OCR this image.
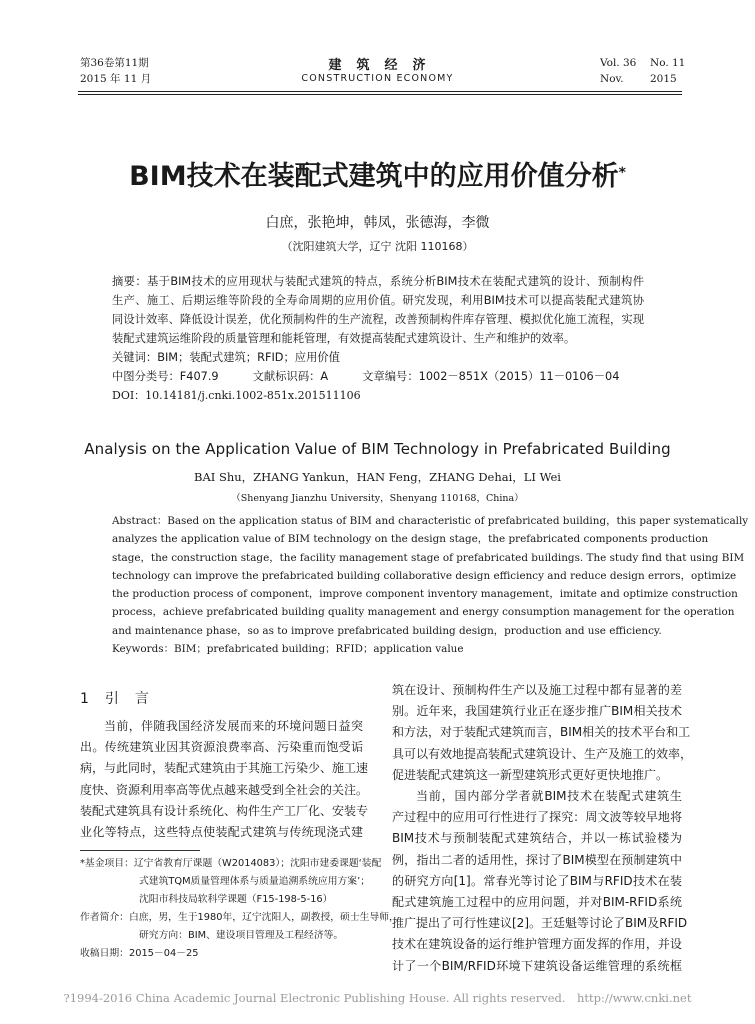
第36卷第11期
2015 年 11 月
建　筑　经　济
CONSTRUCTION ECONOMY
Vol. 36 No. 11
Nov.	2015
BIM技术在装配式建筑中的应用价值分析*
白庶，张艳坤，韩凤，张德海，李微
（沈阳建筑大学，辽宁 沈阳 110168）
摘要：基于BIM技术的应用现状与装配式建筑的特点，系统分析BIM技术在装配式建筑的设计、预制构件
生产、施工、后期运维等阶段的全寿命周期的应用价值。研究发现，利用BIM技术可以提高装配式建筑协
同设计效率、降低设计误差，优化预制构件的生产流程，改善预制构件库存管理、模拟优化施工流程，实现
装配式建筑运维阶段的质量管理和能耗管理，有效提高装配式建筑设计、生产和维护的效率。
关键词：BIM；装配式建筑；RFID；应用价值
中图分类号：F407.9	文献标识码：A	文章编号：1002－851X（2015）11－0106－04
DOI：10.14181/j.cnki.1002-851x.201511106
Analysis on the Application Value of BIM Technology in Prefabricated Building
BAI Shu，ZHANG Yankun，HAN Feng，ZHANG Dehai，LI Wei
（Shenyang Jianzhu University，Shenyang 110168，China）
Abstract：Based on the application status of BIM and characteristic of prefabricated building，this paper systematically
analyzes the application value of BIM technology on the design stage，the prefabricated components production
stage，the construction stage，the facility management stage of prefabricated buildings. The study find that using BIM
technology can improve the prefabricated building collaborative design efficiency and reduce design errors，optimize
the production process of component，improve component inventory management，imitate and optimize construction
process，achieve prefabricated building quality management and energy consumption management for the operation
and maintenance phase，so as to improve prefabricated building design，production and use efficiency.
Keywords：BIM；prefabricated building；RFID；application value
1　引　言
当前，伴随我国经济发展而来的环境问题日益突
出。传统建筑业因其资源浪费率高、污染重而饱受诟
病，与此同时，装配式建筑由于其施工污染少、施工速
度快、资源利用率高等优点越来越受到全社会的关注。
装配式建筑具有设计系统化、构件生产工厂化、安装专
业化等特点，这些特点使装配式建筑与传统现浇式建
*基金项目：辽宁省教育厅课题（W2014083）；沈阳市建委课题‘装配
式建筑TQM质量管理体系与质量追溯系统应用方案’；
沈阳市科技局软科学课题（F15-198-5-16）
作者简介：白庶，男，生于1980年，辽宁沈阳人，副教授，硕士生导师，
研究方向：BIM、建设项目管理及工程经济等。
收稿日期：2015－04－25
筑在设计、预制构件生产以及施工过程中都有显著的差
别。近年来，我国建筑行业正在逐步推广BIM相关技术
和方法，对于装配式建筑而言，BIM相关的技术平台和工
具可以有效地提高装配式建筑设计、生产及施工的效率，
促进装配式建筑这一新型建筑形式更好更快地推广。
当前，国内部分学者就BIM技术在装配式建筑生
产过程中的应用可行性进行了探究：周文波等较早地将
BIM技术与预制装配式建筑结合，并以一栋试验楼为
例，指出二者的适用性，探讨了BIM模型在预制建筑中
的研究方向[1]。常春光等讨论了BIM与RFID技术在装
配式建筑施工过程中的应用问题，并对BIM-RFID系统
推广提出了可行性建议[2]。王廷魁等讨论了BIM及RFID
技术在建筑设备的运行维护管理方面发挥的作用，并设
计了一个BIM/RFID环境下建筑设备运维管理的系统框
?1994-2016 China Academic Journal Electronic Publishing House. All rights reserved.　http://www.cnki.net
